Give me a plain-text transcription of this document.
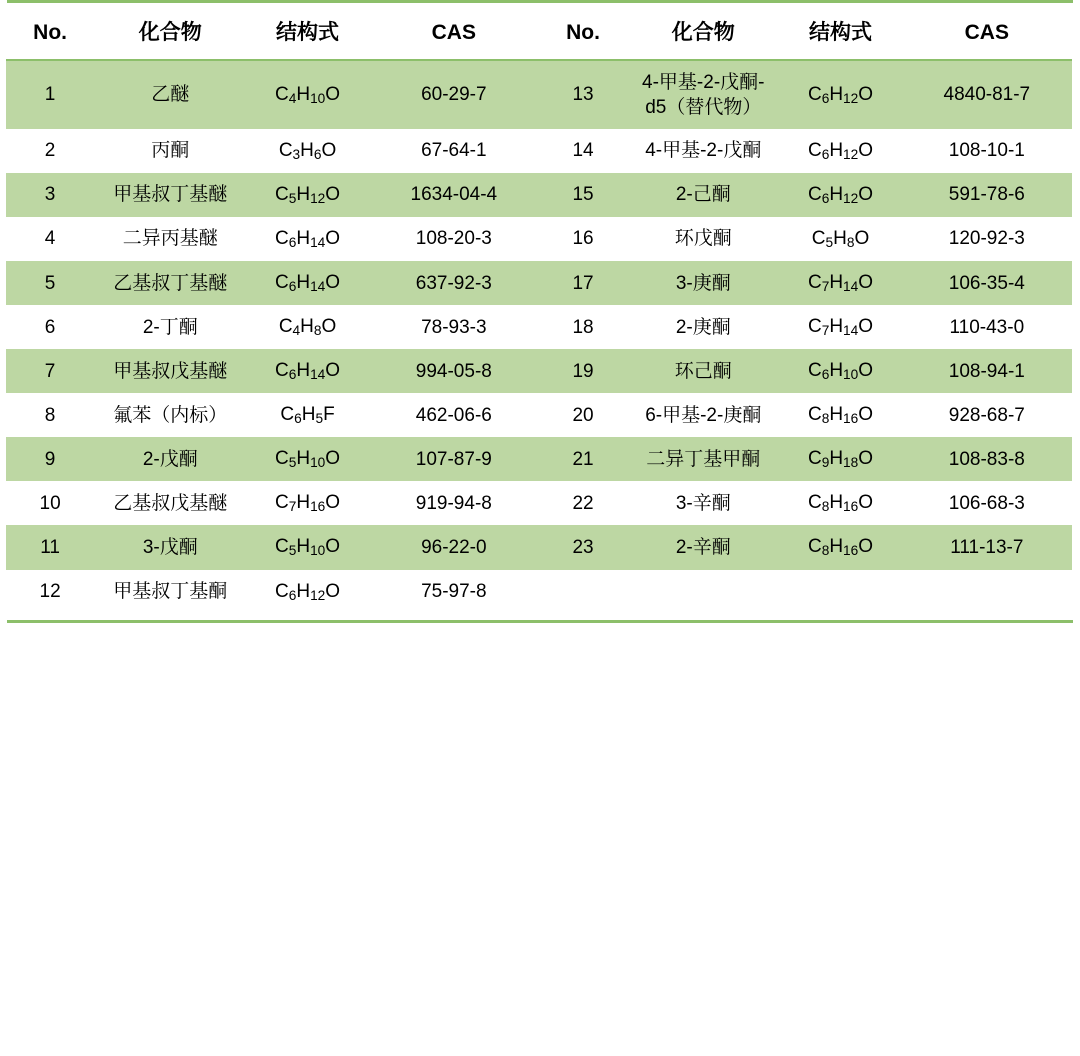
No.	化合物	结构式	CAS	No.	化合物	结构式	CAS
1	乙醚	$C_4H_{10}O$	60-29-7	13	4-甲基-2-戊酮-d5（替代物）	$C_6H_{12}O$	4840-81-7
2	丙酮	$C_3H_6O$	67-64-1	14	4-甲基-2-戊酮	$C_6H_{12}O$	108-10-1
3	甲基叔丁基醚	$C_5H_{12}O$	1634-04-4	15	2-己酮	$C_6H_{12}O$	591-78-6
4	二异丙基醚	$C_6H_{14}O$	108-20-3	16	环戊酮	$C_5H_8O$	120-92-3
5	乙基叔丁基醚	$C_6H_{14}O$	637-92-3	17	3-庚酮	$C_7H_{14}O$	106-35-4
6	2-丁酮	$C_4H_8O$	78-93-3	18	2-庚酮	$C_7H_{14}O$	110-43-0
7	甲基叔戊基醚	$C_6H_{14}O$	994-05-8	19	环己酮	$C_6H_{10}O$	108-94-1
8	氟苯（内标）	$C_6H_5F$	462-06-6	20	6-甲基-2-庚酮	$C_8H_{16}O$	928-68-7
9	2-戊酮	$C_5H_{10}O$	107-87-9	21	二异丁基甲酮	$C_9H_{18}O$	108-83-8
10	乙基叔戊基醚	$C_7H_{16}O$	919-94-8	22	3-辛酮	$C_8H_{16}O$	106-68-3
11	3-戊酮	$C_5H_{10}O$	96-22-0	23	2-辛酮	$C_8H_{16}O$	111-13-7
12	甲基叔丁基酮	$C_6H_{12}O$	75-97-8				
